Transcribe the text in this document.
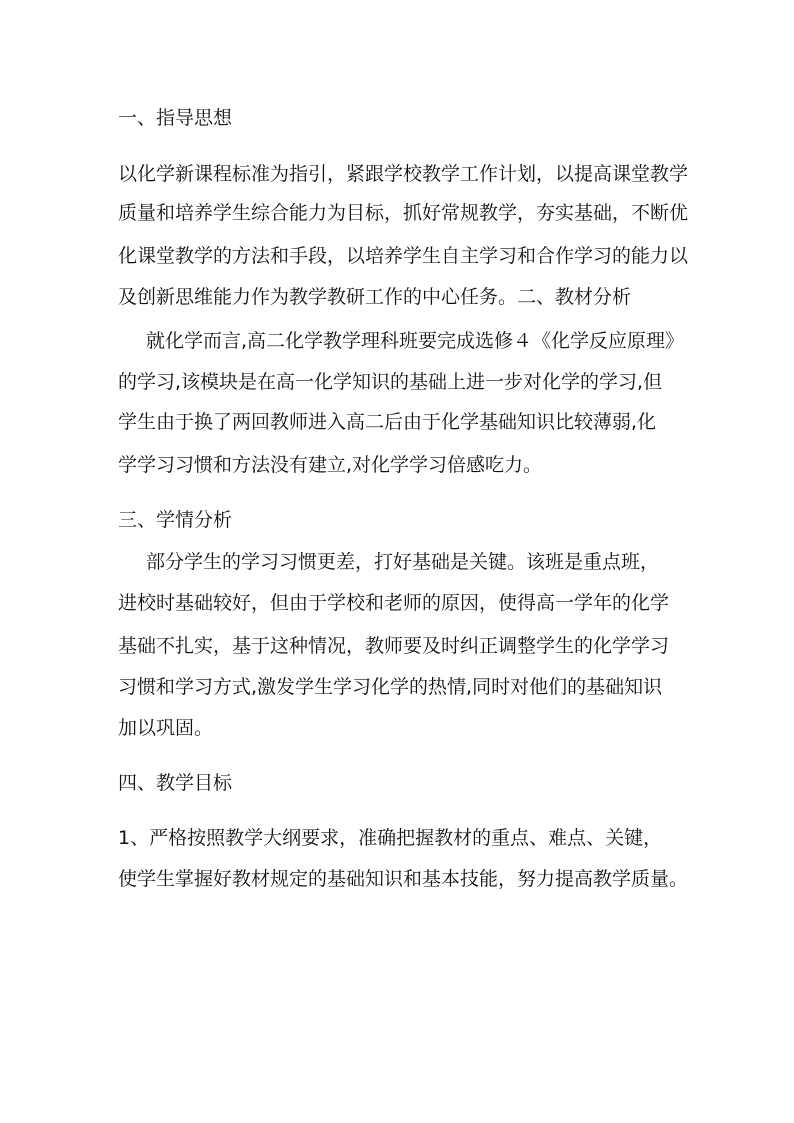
一、指导思想
以化学新课程标准为指引，紧跟学校教学工作计划，以提高课堂教学
质量和培养学生综合能力为目标，抓好常规教学，夯实基础，不断优
化课堂教学的方法和手段，以培养学生自主学习和合作学习的能力以
及创新思维能力作为教学教研工作的中心任务。二、教材分析
就化学而言,高二化学教学理科班要完成选修４《化学反应原理》
的学习,该模块是在高一化学知识的基础上进一步对化学的学习,但
学生由于换了两回教师进入高二后由于化学基础知识比较薄弱,化
学学习习惯和方法没有建立,对化学学习倍感吃力。
三、学情分析
部分学生的学习习惯更差，打好基础是关键。该班是重点班，
进校时基础较好，但由于学校和老师的原因，使得高一学年的化学
基础不扎实，基于这种情况，教师要及时纠正调整学生的化学学习
习惯和学习方式,激发学生学习化学的热情,同时对他们的基础知识
加以巩固。
四、教学目标
1、严格按照教学大纲要求，准确把握教材的重点、难点、关键，
使学生掌握好教材规定的基础知识和基本技能，努力提高教学质量。
